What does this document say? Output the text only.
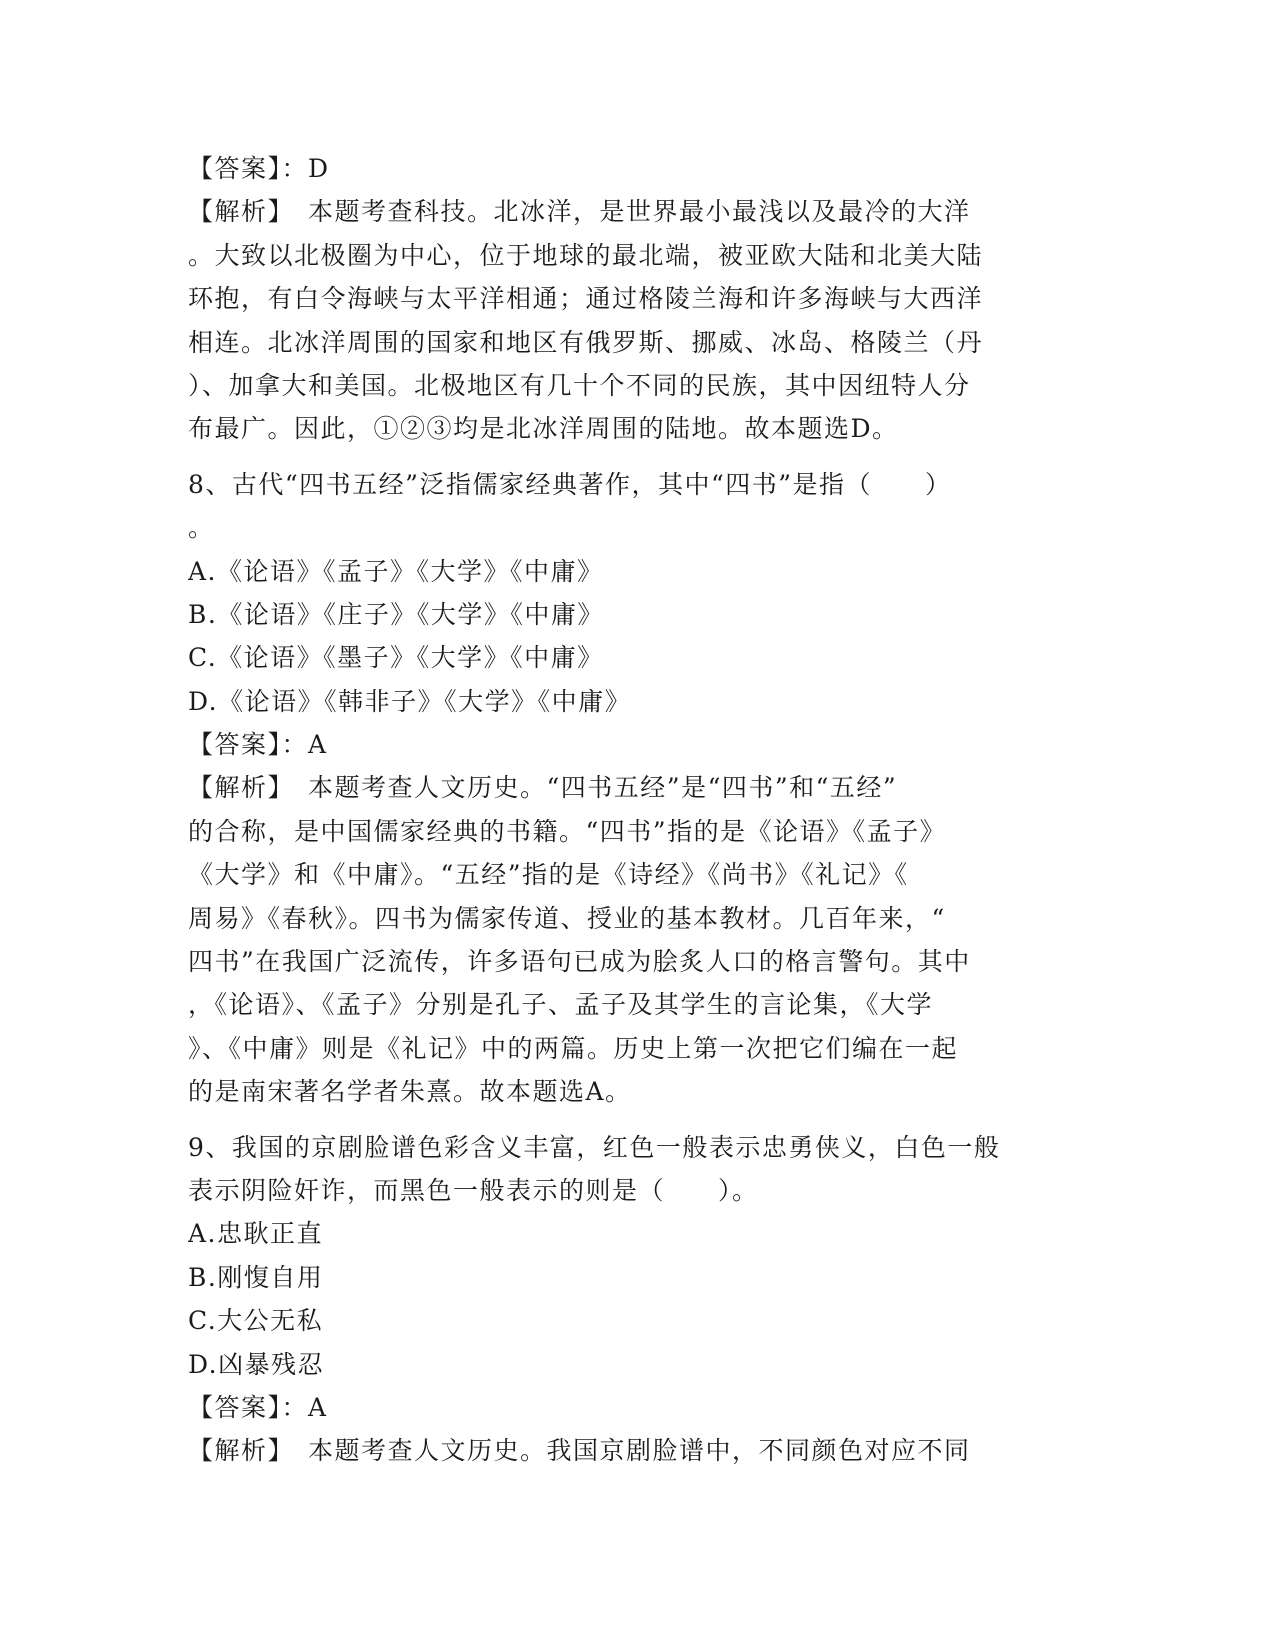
【答案】：D
【解析】　本题考查科技。北冰洋，是世界最小最浅以及最冷的大洋
。大致以北极圈为中心，位于地球的最北端，被亚欧大陆和北美大陆
环抱，有白令海峡与太平洋相通；通过格陵兰海和许多海峡与大西洋
相连。北冰洋周围的国家和地区有俄罗斯、挪威、冰岛、格陵兰（丹
）、加拿大和美国。北极地区有几十个不同的民族，其中因纽特人分
布最广。因此，①②③均是北冰洋周围的陆地。故本题选D。
8、古代“四书五经”泛指儒家经典著作，其中“四书”是指（　　）
。
A.《论语》《孟子》《大学》《中庸》
B.《论语》《庄子》《大学》《中庸》
C.《论语》《墨子》《大学》《中庸》
D.《论语》《韩非子》《大学》《中庸》
【答案】：A
【解析】　本题考查人文历史。“四书五经”是“四书”和“五经”
的合称，是中国儒家经典的书籍。“四书”指的是《论语》《孟子》
《大学》和《中庸》。“五经”指的是《诗经》《尚书》《礼记》《
周易》《春秋》。四书为儒家传道、授业的基本教材。几百年来，“
四书”在我国广泛流传，许多语句已成为脍炙人口的格言警句。其中
，《论语》、《孟子》分别是孔子、孟子及其学生的言论集，《大学
》、《中庸》则是《礼记》中的两篇。历史上第一次把它们编在一起
的是南宋著名学者朱熹。故本题选A。
9、我国的京剧脸谱色彩含义丰富，红色一般表示忠勇侠义，白色一般
表示阴险奸诈，而黑色一般表示的则是（　　）。
A.忠耿正直
B.刚愎自用
C.大公无私
D.凶暴残忍
【答案】：A
【解析】　本题考查人文历史。我国京剧脸谱中，不同颜色对应不同
